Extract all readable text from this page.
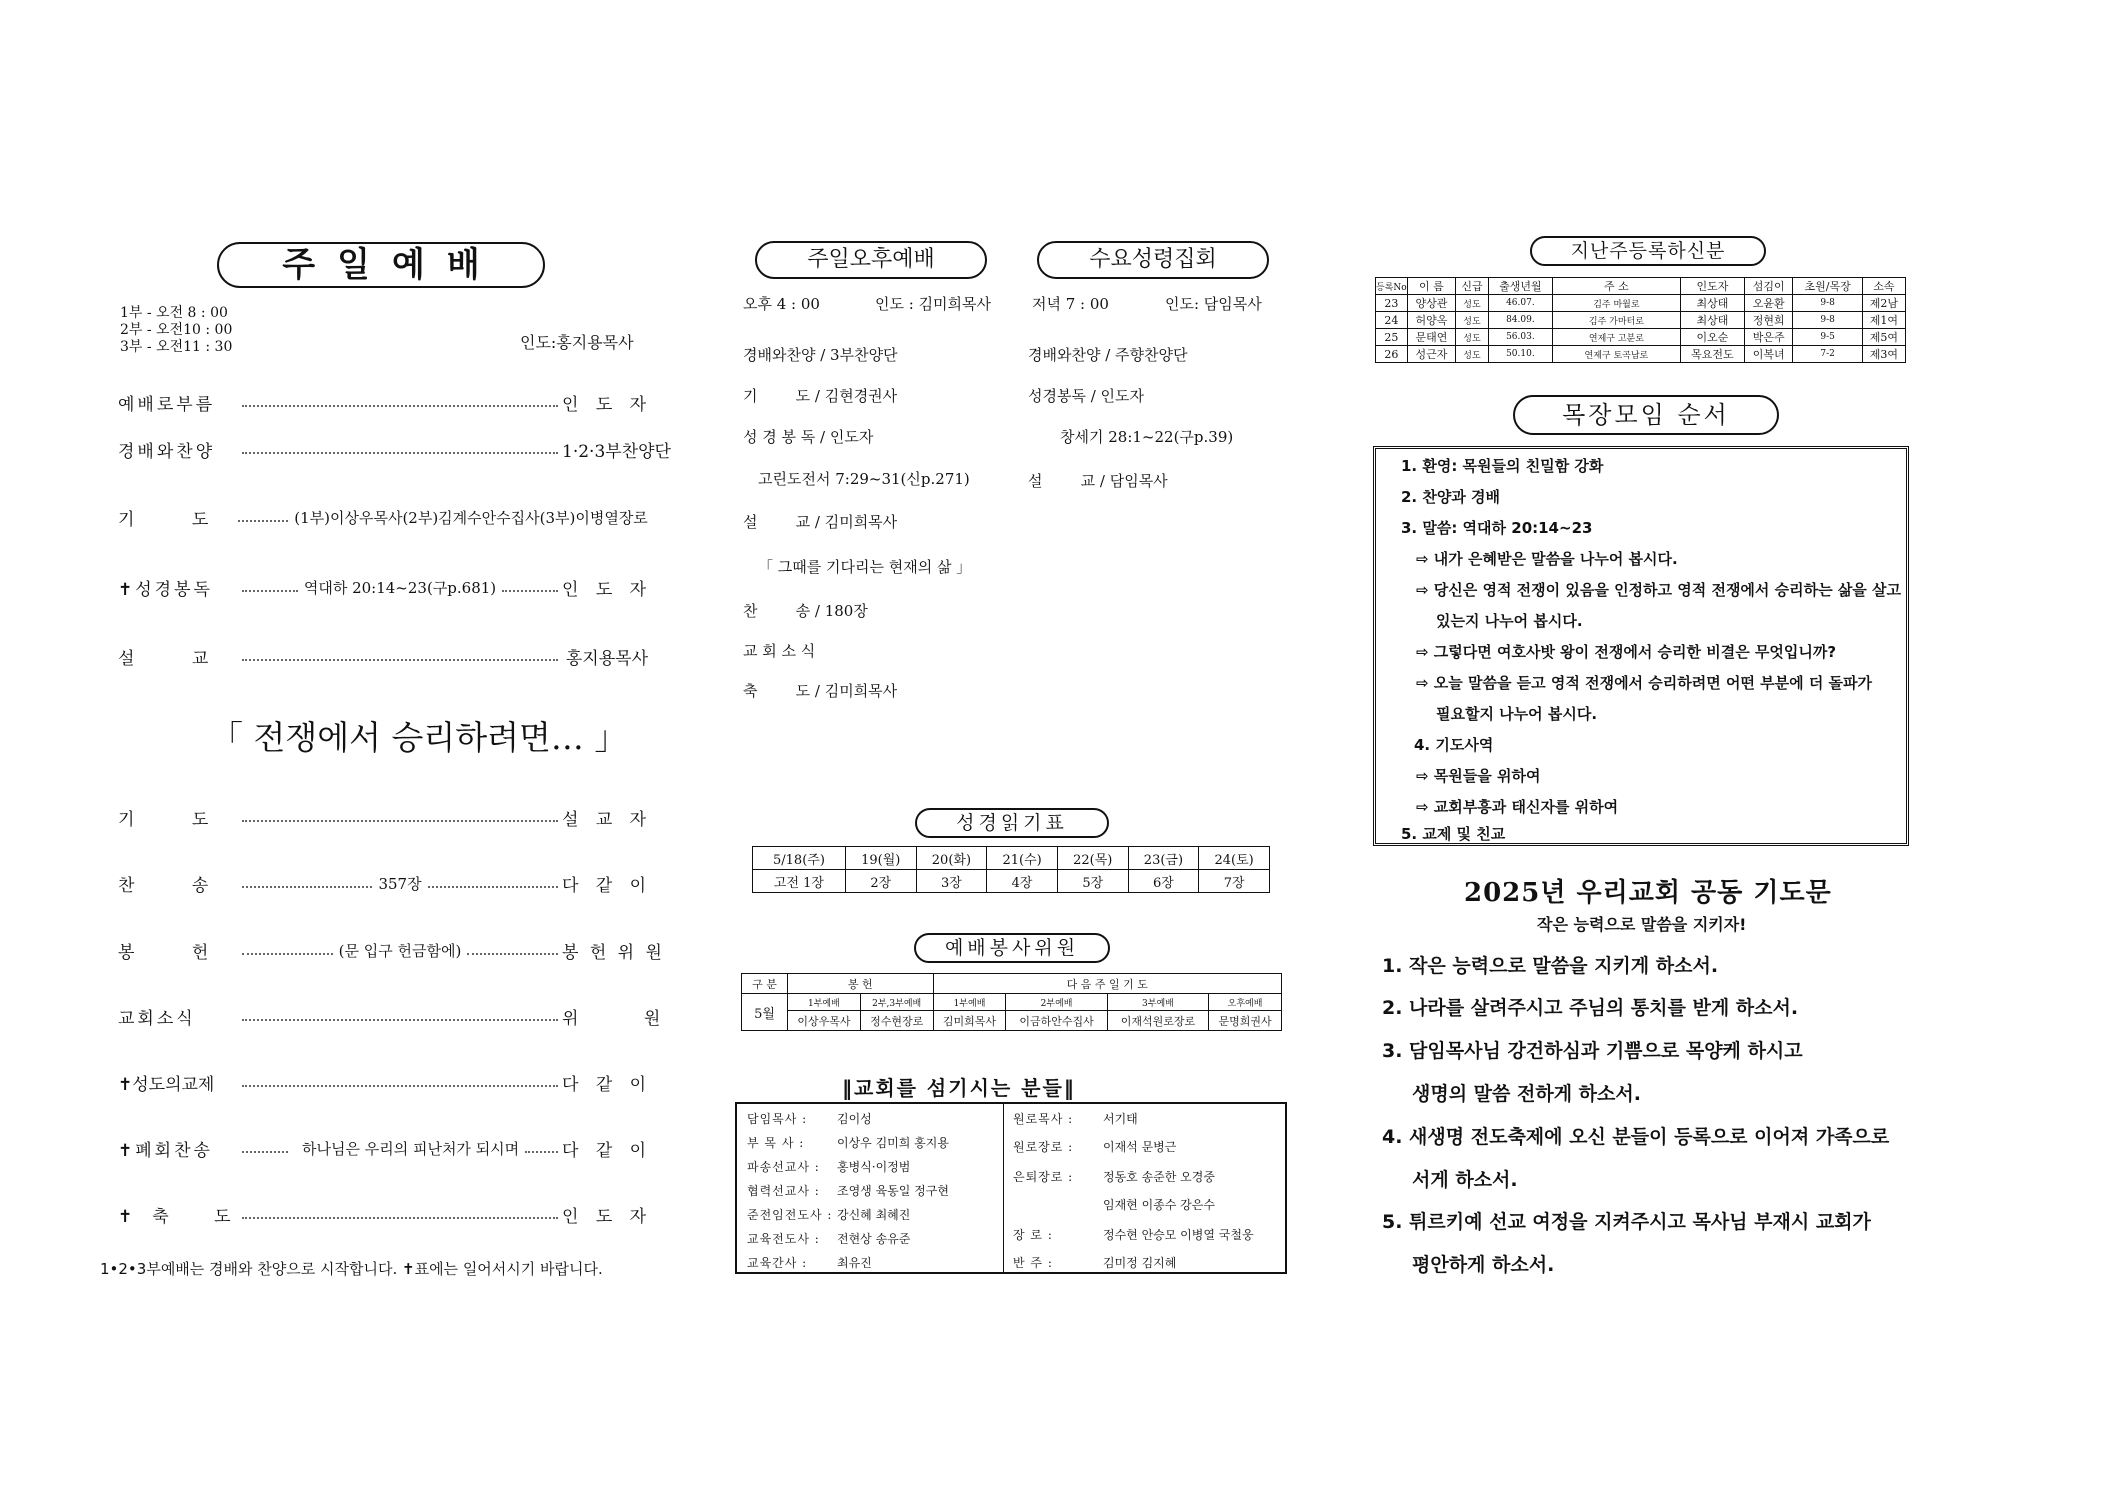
주일예배
1부 - 오전 8 : 00
2부 - 오전10 : 00
3부 - 오전11 : 30	인도:홍지용목사
예배로부름	인 도 자
경배와찬양	1·2·3부찬양단
기 도	(1부)이상우목사(2부)김계수안수집사(3부)이병열장로
✝성경봉독	역대하 20:14~23(구p.681)	인 도 자
설 교	홍지용목사
「 전쟁에서 승리하려면… 」
기 도	설 교 자
찬 송	357장	다 같 이
봉 헌	(문 입구 헌금함에)	봉 헌 위 원
교회소식	위 원
✝성도의교제	다 같 이
✝폐회찬송	하나님은 우리의 피난처가 되시며	다 같 이
✝축 도	인 도 자
1•2•3부예배는 경배와 찬양으로 시작합니다. ✝표에는 일어서시기 바랍니다.
주일오후예배	수요성령집회
오후 4 : 00	인도 : 김미희목사
경배와찬양 / 3부찬양단
기        도 / 김현경권사
성 경 봉 독 / 인도자
고린도전서 7:29~31(신p.271)
설        교 / 김미희목사
「 그때를 기다리는 현재의 삶 」
찬        송 / 180장
교 회 소 식
축        도 / 김미희목사
저녁 7 : 00	인도: 담임목사
경배와찬양 / 주향찬양단
성경봉독 / 인도자
창세기 28:1~22(구p.39)
설        교 / 담임목사
성경읽기표
5/18(주)	19(월)	20(화)	21(수)	22(목)	23(금)	24(토)
고전 1장	2장	3장	4장	5장	6장	7장
예배봉사위원
구 분	봉 헌		다 음 주 일 기 도			
5월	1부예배	2부,3부예배	1부예배	2부예배	3부예배	오후예배
	이상우목사	정수현장로	김미희목사	이금하안수집사	이재석원로장로	문명희권사
‖교회를 섬기시는 분들‖
담임목사 : 김이성
부 목 사 :	이상우 김미희 홍지용
파송선교사 : 홍병식·이정범
협력선교사 : 조영생 육동일 정구현
준전임전도사 : 강신혜 최혜진
교육전도사 : 전현상 송유준
교육간사 : 최유진
원로목사 : 서기태
원로장로 : 이재석 문병근
은퇴장로 : 정동호 송준한 오경중
임재현 이종수 강은수
장 로 :	정수현 안승모 이병열 국철웅
반 주 :	김미정 김지혜
지난주등록하신분
등록No	이 름	신급	출생년월	주 소	인도자	섬김이	초원/목장	소속
23	양상관	성도	46.07.	김주 마월로	최상태	오윤환	9-8	제2남
24	허양옥	성도	84.09.	김주 가마터로	최상태	정현희	9-8	제1여
25	문태연	성도	56.03.	연제구 고분로	이오순	박은주	9-5	제5여
26	성근자	성도	50.10.	연제구 토곡남로	목요전도	이복녀	7-2	제3여
목장모임 순서
1. 환영: 목원들의 친밀함 강화
2. 찬양과 경배
3. 말씀: 역대하 20:14~23
⇨ 내가 은혜받은 말씀을 나누어 봅시다.
⇨ 당신은 영적 전쟁이 있음을 인정하고 영적 전쟁에서 승리하는 삶을 살고
있는지 나누어 봅시다.
⇨ 그렇다면 여호사밧 왕이 전쟁에서 승리한 비결은 무엇입니까?
⇨ 오늘 말씀을 듣고 영적 전쟁에서 승리하려면 어떤 부분에 더 돌파가
필요할지 나누어 봅시다.
4. 기도사역
⇨ 목원들을 위하여
⇨ 교회부흥과 태신자를 위하여
5. 교제 및 친교
2025년 우리교회 공동 기도문
작은 능력으로 말씀을 지키자!
1. 작은 능력으로 말씀을 지키게 하소서.
2. 나라를 살려주시고 주님의 통치를 받게 하소서.
3. 담임목사님 강건하심과 기쁨으로 목양케 하시고
생명의 말씀 전하게 하소서.
4. 새생명 전도축제에 오신 분들이 등록으로 이어져 가족으로
서게 하소서.
5. 튀르키예 선교 여정을 지켜주시고 목사님 부재시 교회가
평안하게 하소서.
